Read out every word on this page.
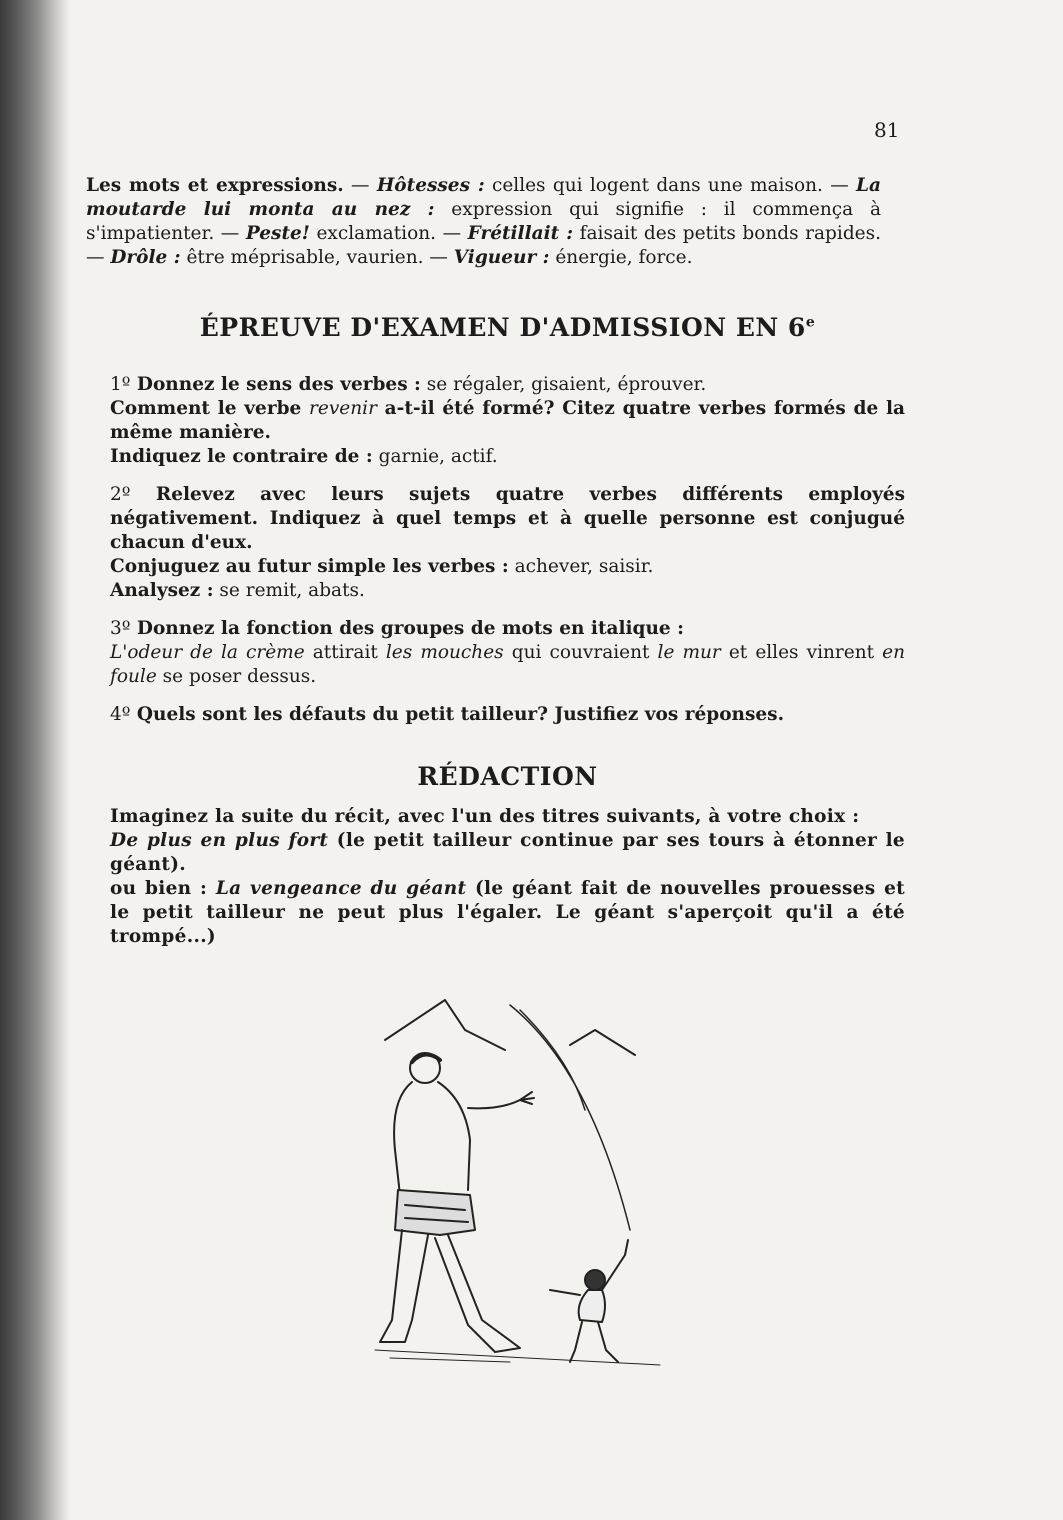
81

Les mots et expressions. — Hôtesses : celles qui logent dans une maison. — La moutarde lui monta au nez : expression qui signifie : il commença à s'impatienter. — Peste! exclamation. — Frétillait : faisait des petits bonds rapides. — Drôle : être méprisable, vaurien. — Vigueur : énergie, force.

ÉPREUVE D'EXAMEN D'ADMISSION EN 6e

1º Donnez le sens des verbes : se régaler, gisaient, éprouver.

Comment le verbe revenir a-t-il été formé? Citez quatre verbes formés de la même manière.

Indiquez le contraire de : garnie, actif.

2º Relevez avec leurs sujets quatre verbes différents employés négativement. Indiquez à quel temps et à quelle personne est conjugué chacun d'eux.

Conjuguez au futur simple les verbes : achever, saisir.

Analysez : se remit, abats.

3º Donnez la fonction des groupes de mots en italique :
L'odeur de la crème attirait les mouches qui couvraient le mur et elles vinrent en foule se poser dessus.

4º Quels sont les défauts du petit tailleur? Justifiez vos réponses.

RÉDACTION

Imaginez la suite du récit, avec l'un des titres suivants, à votre choix :

De plus en plus fort (le petit tailleur continue par ses tours à étonner le géant).

ou bien : La vengeance du géant (le géant fait de nouvelles prouesses et le petit tailleur ne peut plus l'égaler. Le géant s'aperçoit qu'il a été trompé...)
